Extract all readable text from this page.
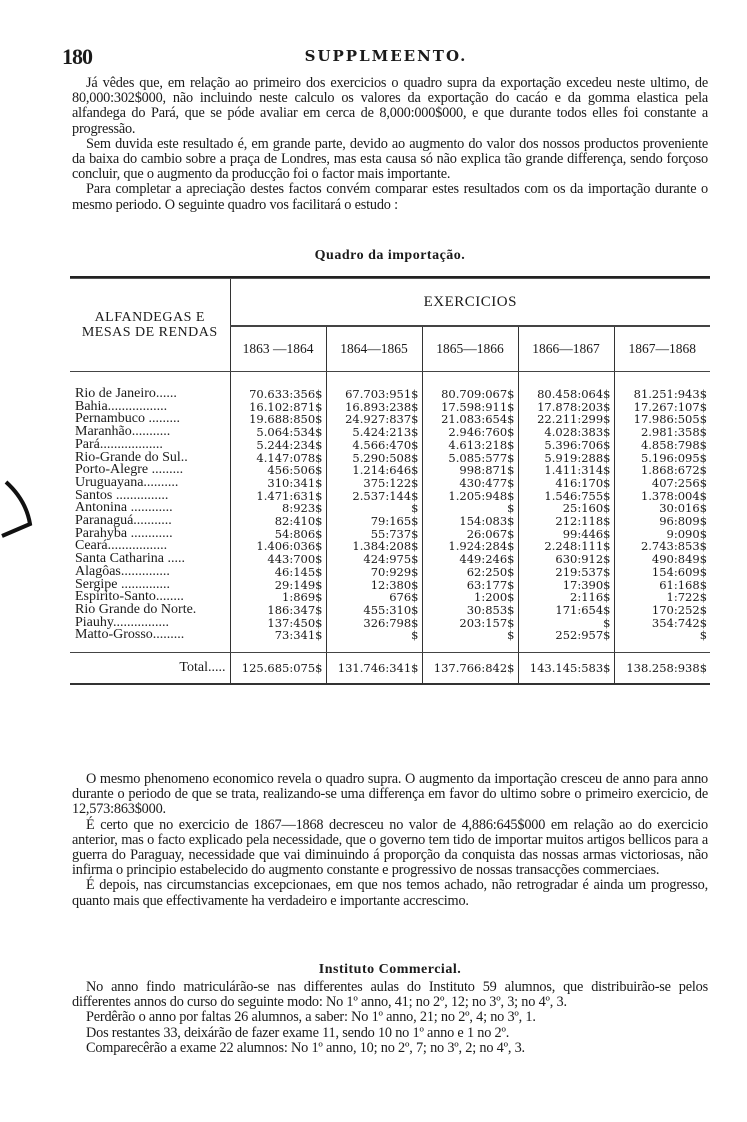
180	SUPPLMEENTO.

Já vêdes que, em relação ao primeiro dos exercicios o quadro supra da exportação excedeu neste ultimo, de 80,000:302$000, não incluindo neste calculo os valores da exportação do cacáo e da gomma elastica pela alfandega do Pará, que se póde avaliar em cerca de 8,000:000$000, e que durante todos elles foi constante a progressão.

Sem duvida este resultado é, em grande parte, devido ao augmento do valor dos nossos productos proveniente da baixa do cambio sobre a praça de Londres, mas esta causa só não explica tão grande differença, sendo forçoso concluir, que o augmento da producção foi o factor mais importante.

Para completar a apreciação destes factos convém comparar estes resultados com os da importação durante o mesmo periodo. O seguinte quadro vos facilitará o estudo :

Quadro da importação.
ALFANDEGAS E MESAS DE RENDAS	EXERCICIOS				
	1863 —1864	1864—1865	1865—1866	1866—1867	1867—1868

Rio de Janeiro......	70.633:356$	67.703:951$	80.709:067$	80.458:064$	81.251:943$
Bahia.................	16.102:871$	16.893:238$	17.598:911$	17.878:203$	17.267:107$
Pernambuco .........	19.688:850$	24.927:837$	21.083:654$	22.211:299$	17.986:505$
Maranhão...........	5.064:534$	5.424:213$	2.946:760$	4.028:383$	2.981:358$
Pará..................	5.244:234$	4.566:470$	4.613:218$	5.396:706$	4.858:798$
Rio-Grande do Sul..	4.147:078$	5.290:508$	5.085:577$	5.919:288$	5.196:095$
Porto-Alegre .........	456:506$	1.214:646$	998:871$	1.411:314$	1.868:672$
Uruguayana..........	310:341$	375:122$	430:477$	416:170$	407:256$
Santos ...............	1.471:631$	2.537:144$	1.205:948$	1.546:755$	1.378:004$
Antonina ............	8:923$	$	$	25:160$	30:016$
Paranaguá...........	82:410$	79:165$	154:083$	212:118$	96:809$
Parahyba ............	54:806$	55:737$	26:067$	99:446$	9:090$
Ceará.................	1.406:036$	1.384:208$	1.924:284$	2.248:111$	2.743:853$
Santa Catharina .....	443:700$	424:975$	449:246$	630:912$	490:849$
Alagôas..............	46:145$	70:929$	62:250$	219:537$	154:609$
Sergipe ..............	29:149$	12:380$	63:177$	17:390$	61:168$
Espirito-Santo........	1:869$	676$	1:200$	2:116$	1:722$
Rio Grande do Norte.	186:347$	455:310$	30:853$	171:654$	170:252$
Piauhy................	137:450$	326:798$	203:157$	$	354:742$
Matto-Grosso.........	73:341$	$	$	252:957$	$

Total.....	125.685:075$	131.746:341$	137.766:842$	143.145:583$	138.258:938$

O mesmo phenomeno economico revela o quadro supra. O augmento da importação cresceu de anno para anno durante o periodo de que se trata, realizando-se uma differença em favor do ultimo sobre o primeiro exercicio, de 12,573:863$000.

É certo que no exercicio de 1867—1868 decresceu no valor de 4,886:645$000 em relação ao do exercicio anterior, mas o facto explicado pela necessidade, que o governo tem tido de importar muitos artigos bellicos para a guerra do Paraguay, necessidade que vai diminuindo á proporção da conquista das nossas armas victoriosas, não infirma o principio estabelecido do augmento constante e progressivo de nossas transacções commerciaes.

É depois, nas circumstancias excepcionaes, em que nos temos achado, não retrogradar é ainda um progresso, quanto mais que effectivamente ha verdadeiro e importante accrescimo.

Instituto Commercial.

No anno findo matriculárão-se nas differentes aulas do Instituto 59 alumnos, que distribuirão-se pelos differentes annos do curso do seguinte modo: No 1º anno, 41; no 2º, 12; no 3º, 3; no 4º, 3.

Perdêrão o anno por faltas 26 alumnos, a saber: No 1º anno, 21; no 2º, 4; no 3º, 1.

Dos restantes 33, deixárão de fazer exame 11, sendo 10 no 1º anno e 1 no 2º.

Comparecêrão a exame 22 alumnos: No 1º anno, 10; no 2º, 7; no 3º, 2; no 4º, 3.
